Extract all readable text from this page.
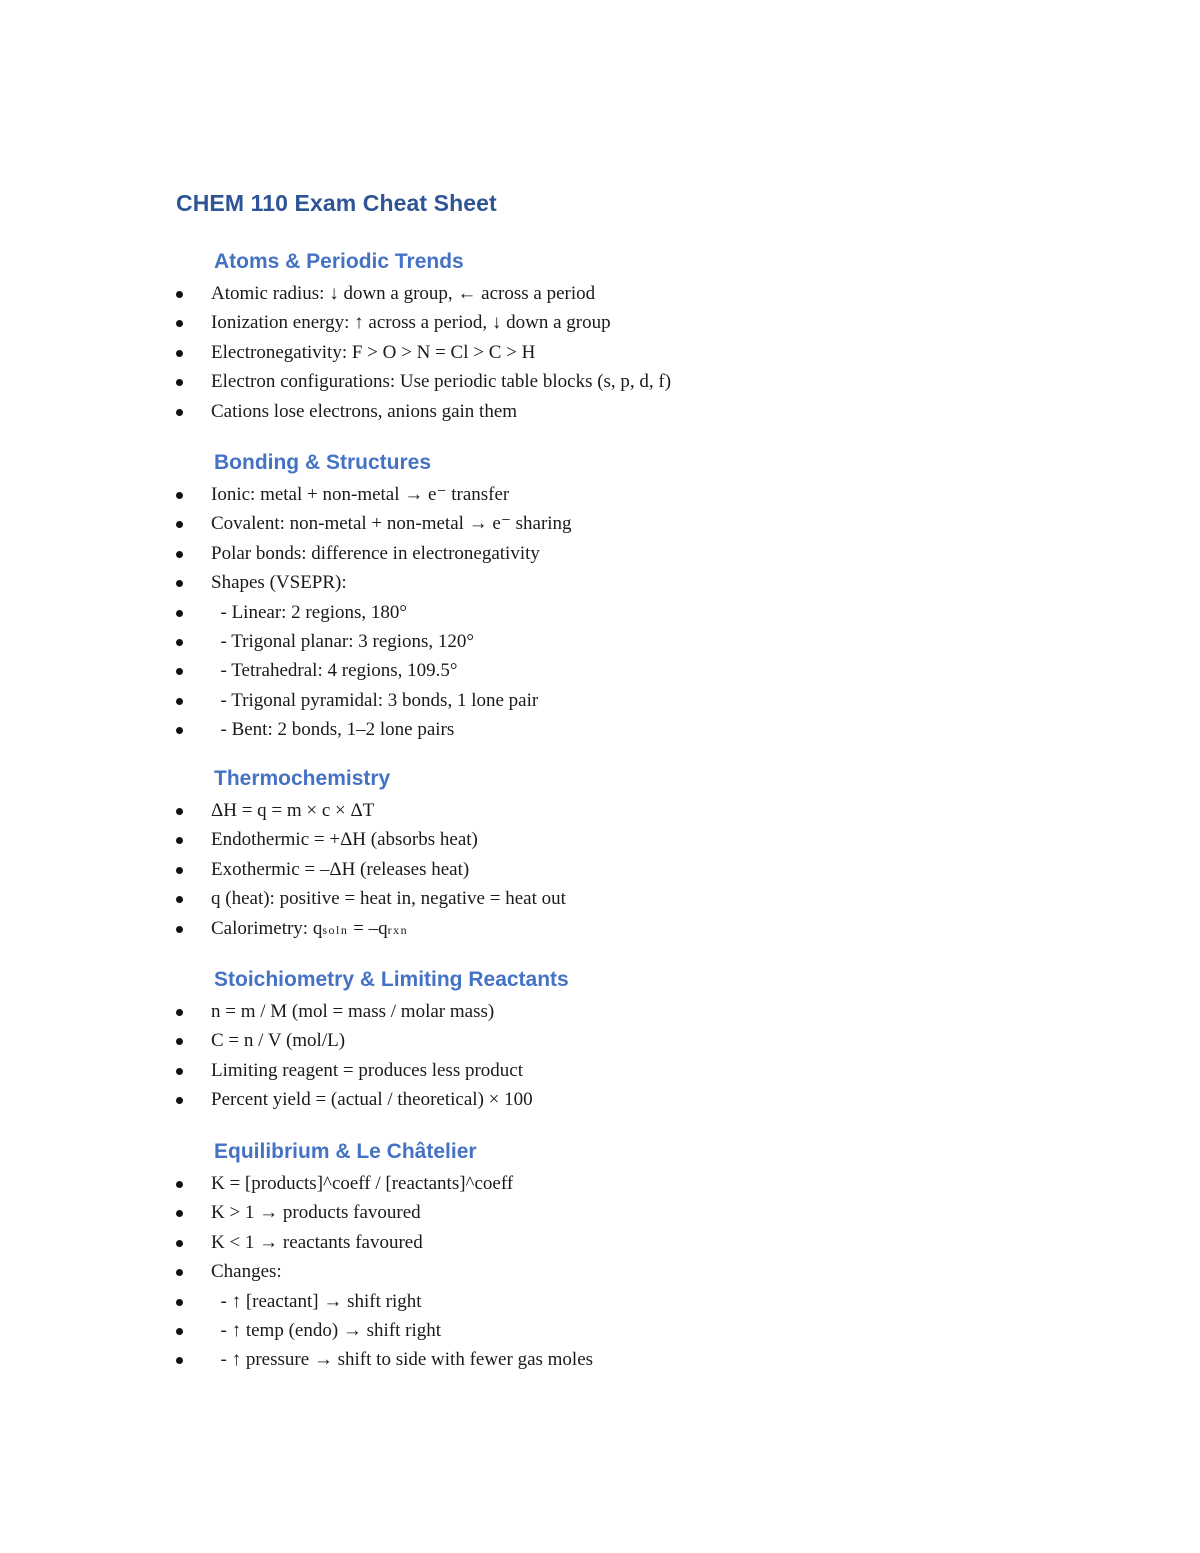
CHEM 110 Exam Cheat Sheet
Atoms & Periodic Trends
Atomic radius: ↓ down a group, ← across a period
Ionization energy: ↑ across a period, ↓ down a group
Electronegativity: F > O > N = Cl > C > H
Electron configurations: Use periodic table blocks (s, p, d, f)
Cations lose electrons, anions gain them
Bonding & Structures
Ionic: metal + non-metal → e⁻ transfer
Covalent: non-metal + non-metal → e⁻ sharing
Polar bonds: difference in electronegativity
Shapes (VSEPR):
- Linear: 2 regions, 180°
- Trigonal planar: 3 regions, 120°
- Tetrahedral: 4 regions, 109.5°
- Trigonal pyramidal: 3 bonds, 1 lone pair
- Bent: 2 bonds, 1–2 lone pairs
Thermochemistry
ΔH = q = m × c × ΔT
Endothermic = +ΔH (absorbs heat)
Exothermic = –ΔH (releases heat)
q (heat): positive = heat in, negative = heat out
Calorimetry: qsoln = –qrxn
Stoichiometry & Limiting Reactants
n = m / M (mol = mass / molar mass)
C = n / V (mol/L)
Limiting reagent = produces less product
Percent yield = (actual / theoretical) × 100
Equilibrium & Le Châtelier
K = [products]^coeff / [reactants]^coeff
K > 1 → products favoured
K < 1 → reactants favoured
Changes:
- ↑ [reactant] → shift right
- ↑ temp (endo) → shift right
- ↑ pressure → shift to side with fewer gas moles
